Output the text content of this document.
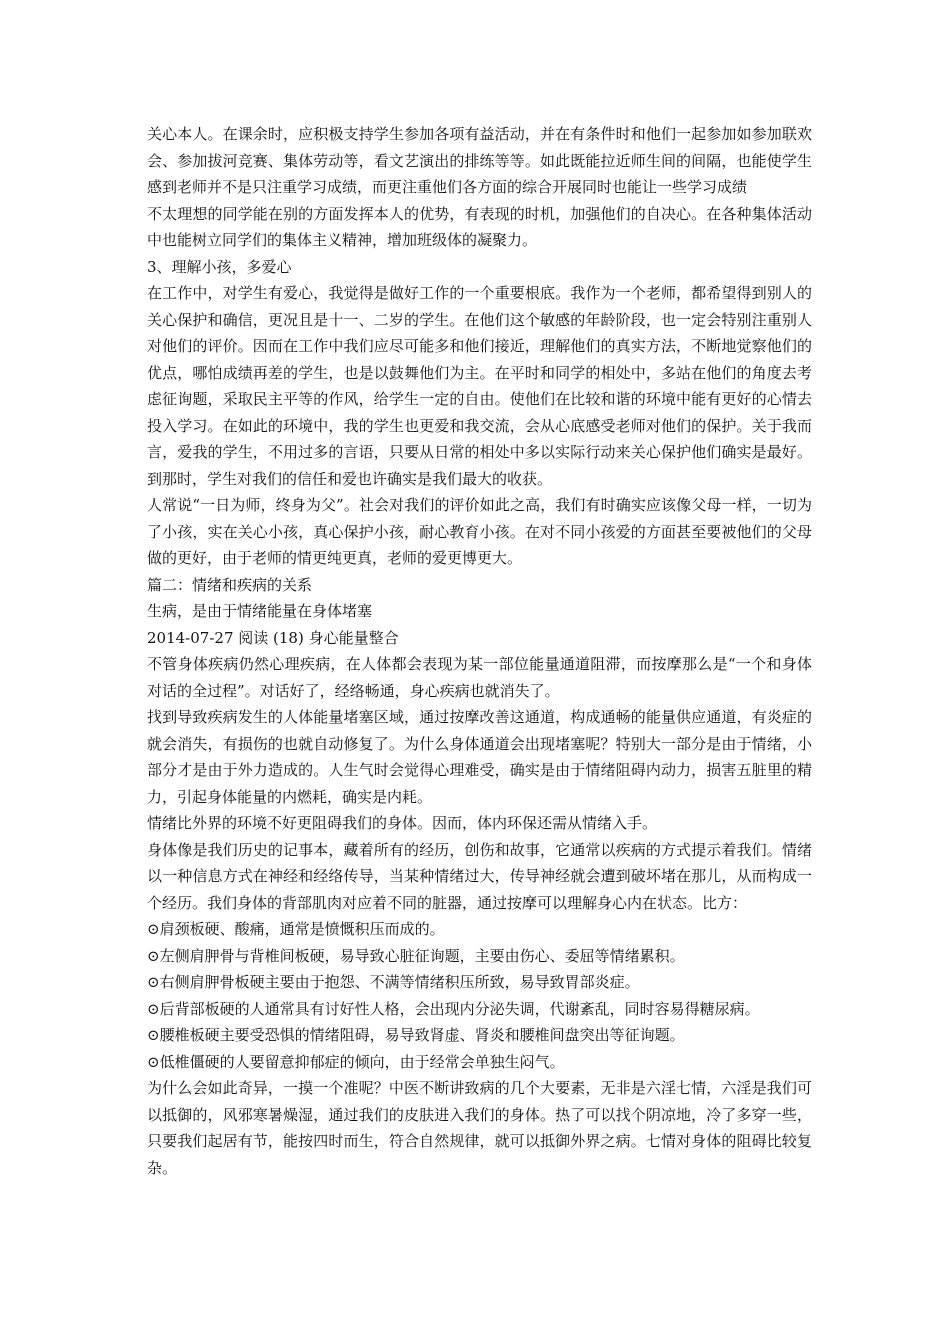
关心本人。在课余时，应积极支持学生参加各项有益活动，并在有条件时和他们一起参加如参加联欢会、参加拔河竞赛、集体劳动等，看文艺演出的排练等等。如此既能拉近师生间的间隔，也能使学生感到老师并不是只注重学习成绩，而更注重他们各方面的综合开展同时也能让一些学习成绩

不太理想的同学能在别的方面发挥本人的优势，有表现的时机，加强他们的自决心。在各种集体活动中也能树立同学们的集体主义精神，增加班级体的凝聚力。

3、理解小孩，多爱心

在工作中，对学生有爱心，我觉得是做好工作的一个重要根底。我作为一个老师，都希望得到别人的关心保护和确信，更况且是十一、二岁的学生。在他们这个敏感的年龄阶段，也一定会特别注重别人对他们的评价。因而在工作中我们应尽可能多和他们接近，理解他们的真实方法，不断地觉察他们的优点，哪怕成绩再差的学生，也是以鼓舞他们为主。在平时和同学的相处中，多站在他们的角度去考虑征询题，采取民主平等的作风，给学生一定的自由。使他们在比较和谐的环境中能有更好的心情去投入学习。在如此的环境中，我的学生也更爱和我交流，会从心底感受老师对他们的保护。关于我而言，爱我的学生，不用过多的言语，只要从日常的相处中多以实际行动来关心保护他们确实是最好。到那时，学生对我们的信任和爱也许确实是我们最大的收获。

人常说“一日为师，终身为父”。社会对我们的评价如此之高，我们有时确实应该像父母一样，一切为了小孩，实在关心小孩，真心保护小孩，耐心教育小孩。在对不同小孩爱的方面甚至要被他们的父母做的更好，由于老师的情更纯更真，老师的爱更博更大。

篇二：情绪和疾病的关系

生病，是由于情绪能量在身体堵塞

2014-07-27 阅读 (18) 身心能量整合

不管身体疾病仍然心理疾病，在人体都会表现为某一部位能量通道阻滞，而按摩那么是“一个和身体对话的全过程”。对话好了，经络畅通，身心疾病也就消失了。

找到导致疾病发生的人体能量堵塞区域，通过按摩改善这通道，构成通畅的能量供应通道，有炎症的就会消失，有损伤的也就自动修复了。为什么身体通道会出现堵塞呢？特别大一部分是由于情绪，小部分才是由于外力造成的。人生气时会觉得心理难受，确实是由于情绪阻碍内动力，损害五脏里的精力，引起身体能量的内燃耗，确实是内耗。

情绪比外界的环境不好更阻碍我们的身体。因而，体内环保还需从情绪入手。

身体像是我们历史的记事本，藏着所有的经历，创伤和故事，它通常以疾病的方式提示着我们。情绪以一种信息方式在神经和经络传导，当某种情绪过大，传导神经就会遭到破坏堵在那儿，从而构成一个经历。我们身体的背部肌肉对应着不同的脏器，通过按摩可以理解身心内在状态。比方：

⊙肩颈板硬、酸痛，通常是愤慨积压而成的。

⊙左侧肩胛骨与背椎间板硬，易导致心脏征询题，主要由伤心、委屈等情绪累积。

⊙右侧肩胛骨板硬主要由于抱怨、不满等情绪积压所致，易导致胃部炎症。

⊙后背部板硬的人通常具有讨好性人格，会出现内分泌失调，代谢紊乱，同时容易得糖尿病。

⊙腰椎板硬主要受恐惧的情绪阻碍，易导致肾虚、肾炎和腰椎间盘突出等征询题。

⊙低椎僵硬的人要留意抑郁症的倾向，由于经常会单独生闷气。

为什么会如此奇异，一摸一个准呢？中医不断讲致病的几个大要素，无非是六淫七情，六淫是我们可以抵御的，风邪寒暑燥湿，通过我们的皮肤进入我们的身体。热了可以找个阴凉地，冷了多穿一些，只要我们起居有节，能按四时而生，符合自然规律，就可以抵御外界之病。七情对身体的阻碍比较复杂。
